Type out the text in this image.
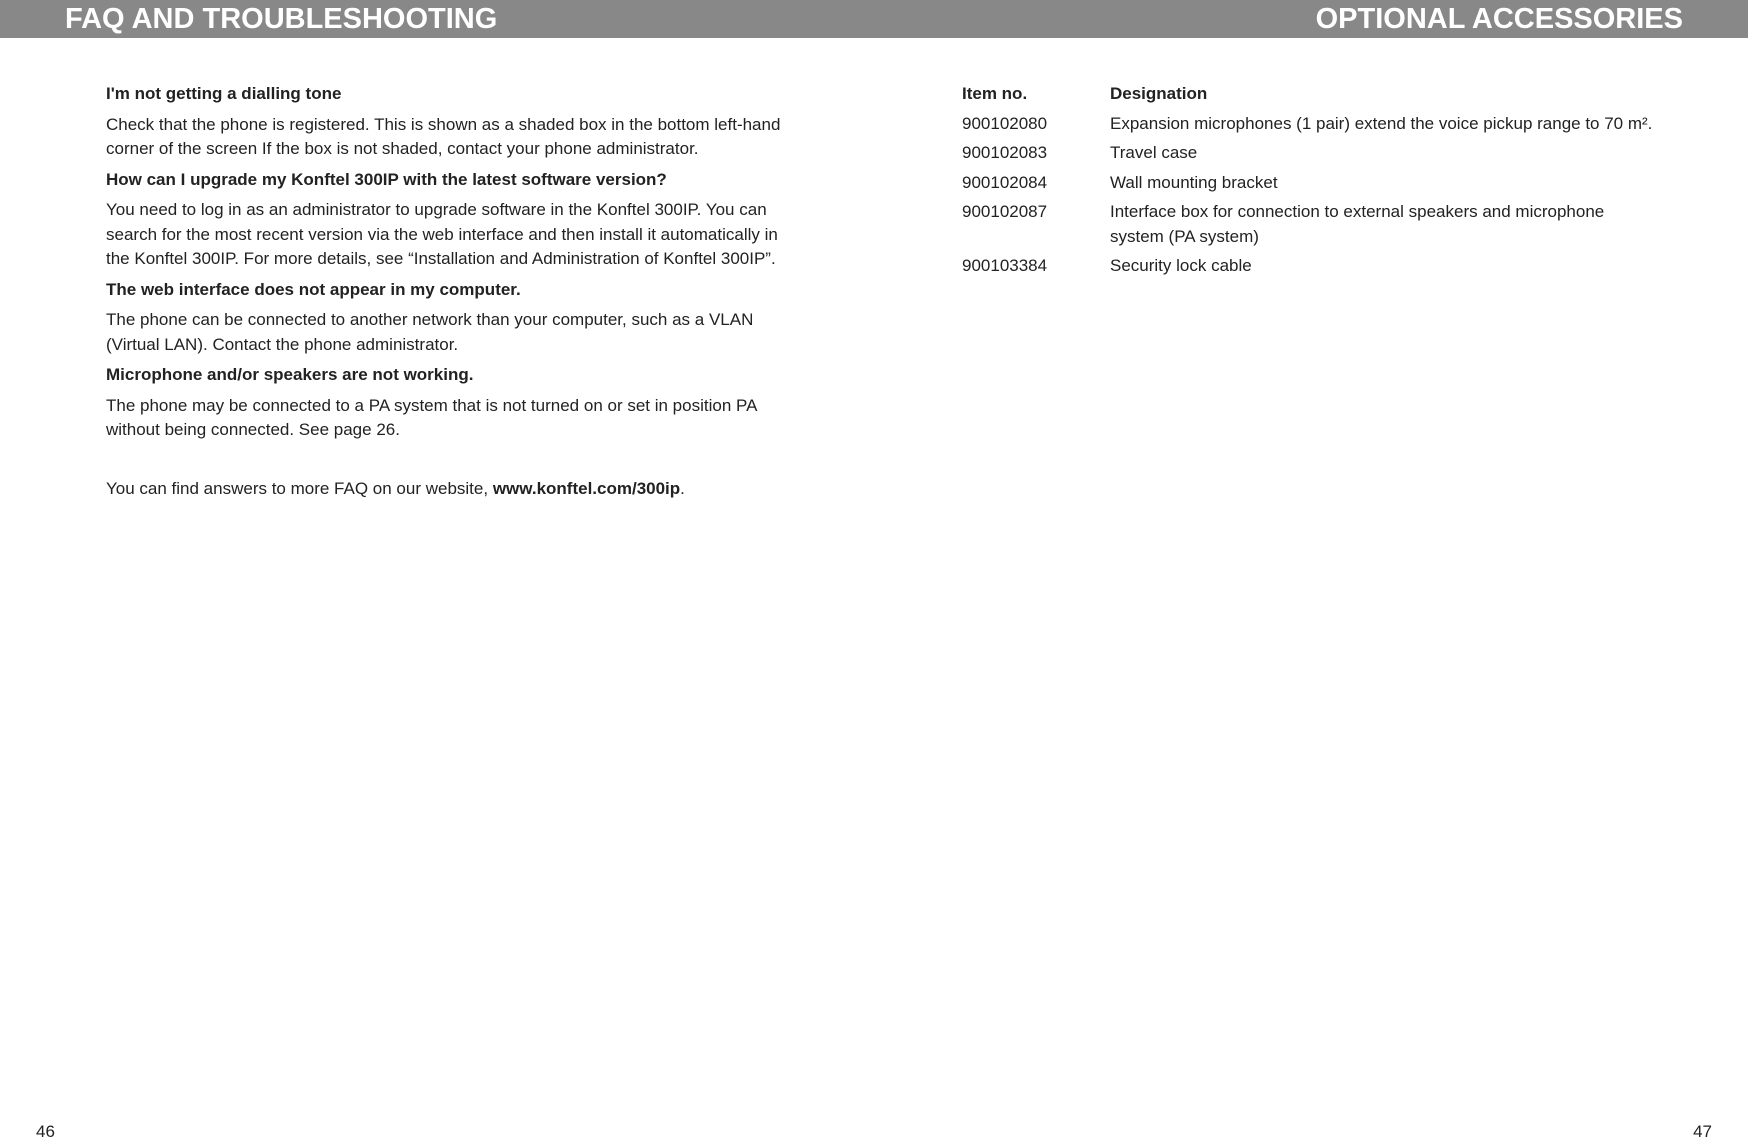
FAQ AND TROUBLESHOOTING	OPTIONAL ACCESSORIES

I'm not getting a dialling tone

Check that the phone is registered. This is shown as a shaded box in the bottom left-hand corner of the screen If the box is not shaded, contact your phone administrator.

How can I upgrade my Konftel 300IP with the latest software version?

You need to log in as an administrator to upgrade software in the Konftel 300IP. You can search for the most recent version via the web interface and then install it automatically in the Konftel 300IP. For more details, see “Installation and Administration of Konftel 300IP”.

The web interface does not appear in my computer.

The phone can be connected to another network than your computer, such as a VLAN (Virtual LAN). Contact the phone administrator.

Microphone and/or speakers are not working.

The phone may be connected to a PA system that is not turned on or set in position PA without being connected. See page 26.

You can find answers to more FAQ on our website, www.konftel.com/300ip.

Item no.	Designation
900102080	Expansion microphones (1 pair) extend the voice pickup range to 70 m².
900102083	Travel case
900102084	Wall mounting bracket
900102087	Interface box for connection to external speakers and microphone system (PA system)
900103384	Security lock cable
46	47
